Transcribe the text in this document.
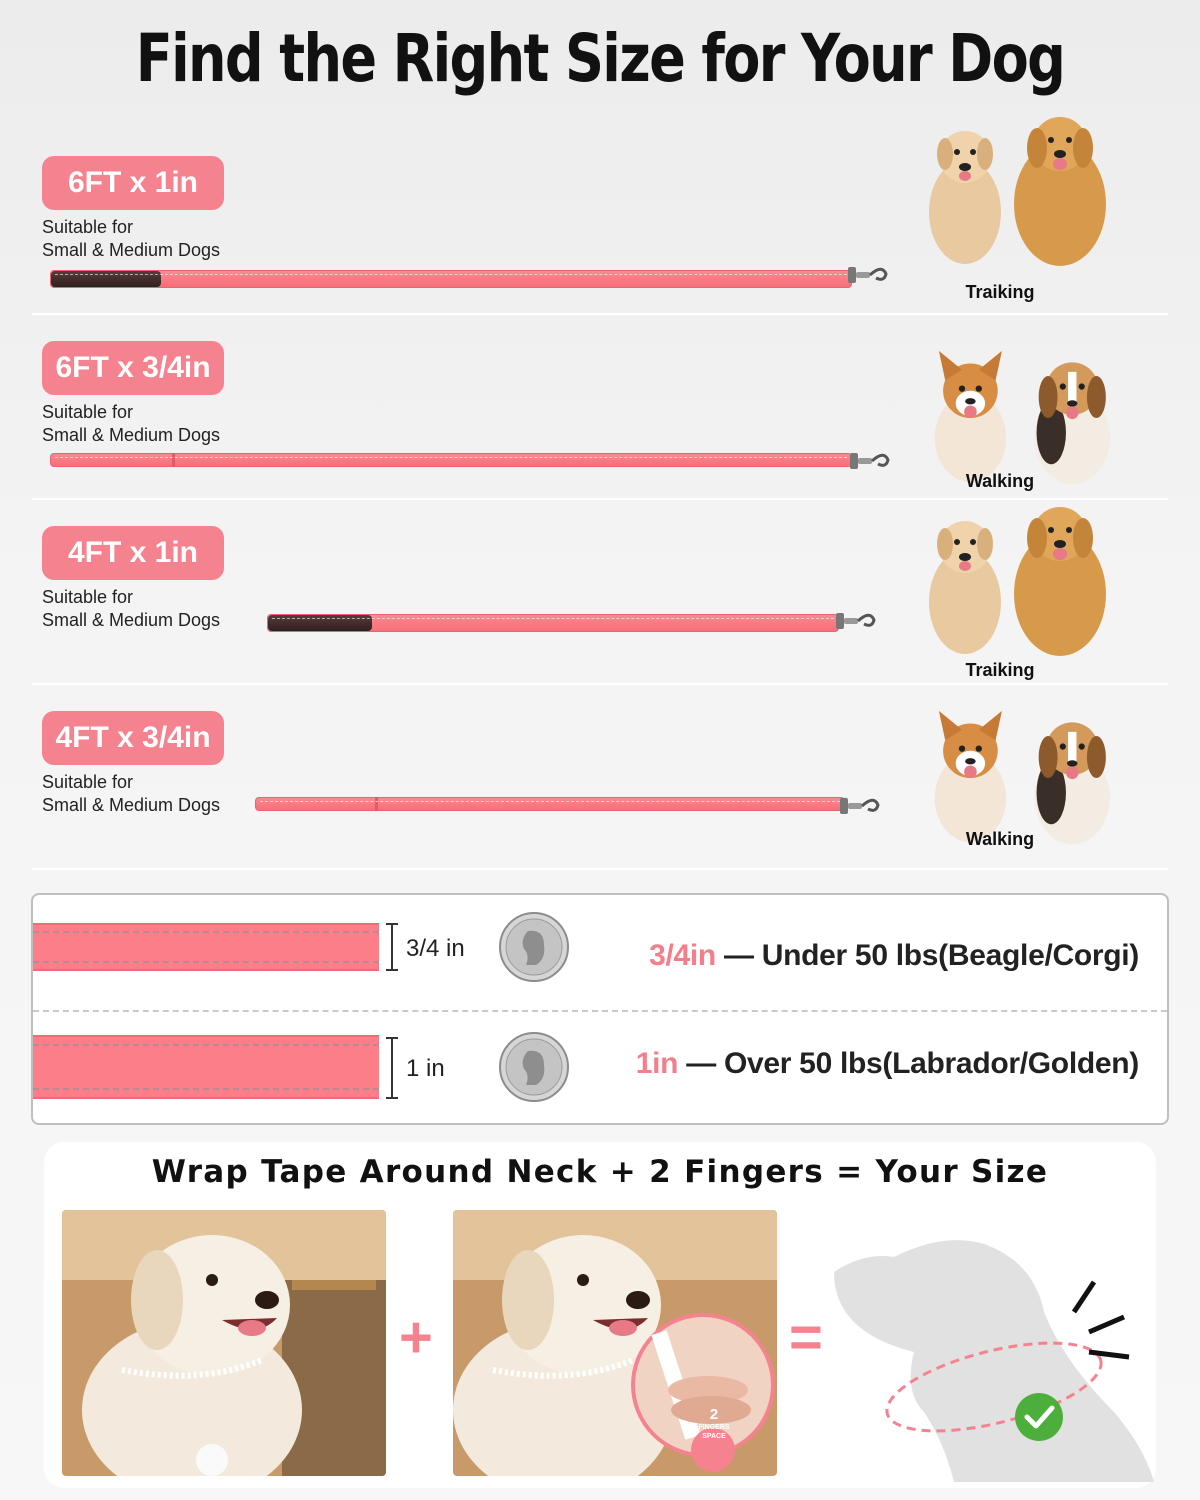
Find the Right Size for Your Dog
6FT x 1in
Suitable for
Small & Medium Dogs
Traiking
6FT x 3/4in
Suitable for
Small & Medium Dogs
Walking
4FT x 1in
Suitable for
Small & Medium Dogs
Traiking
4FT x 3/4in
Suitable for
Small & Medium Dogs
Walking
3/4 in	3/4in — Under 50 lbs(Beagle/Corgi)
1 in	1in — Over 50 lbs(Labrador/Golden)
Wrap Tape Around Neck + 2 Fingers = Your Size
+
2
FINGERS
SPACE
=
